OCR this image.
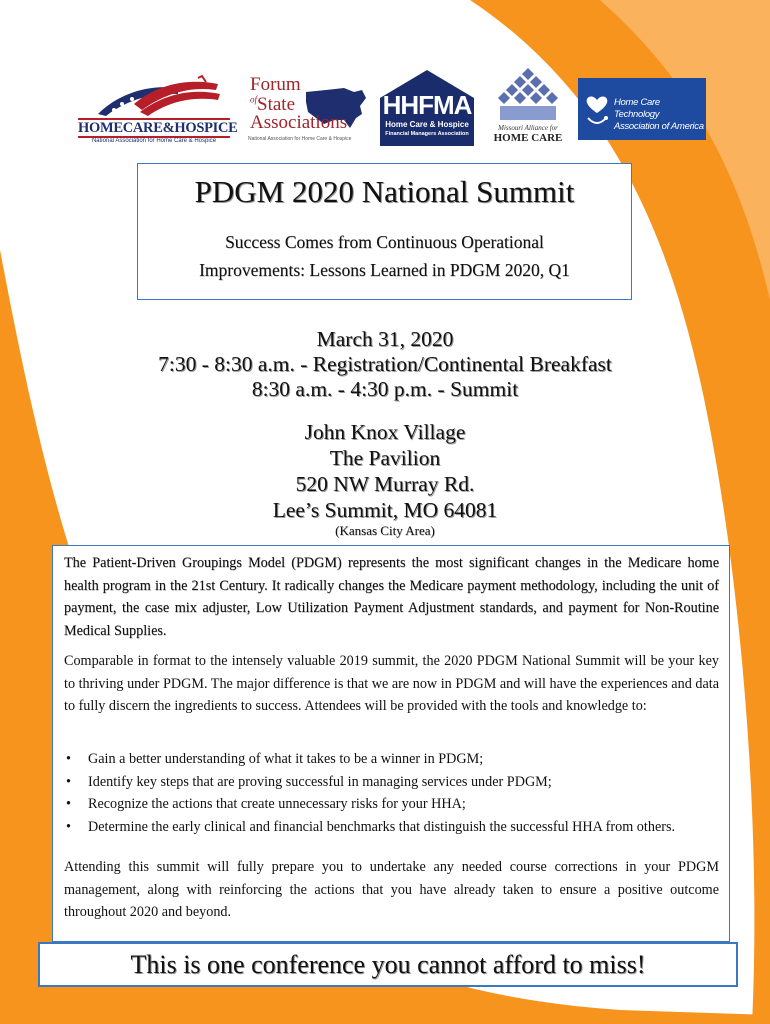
HOMECARE&HOSPICE
National Association for Home Care & Hospice
Forum
$^{of}$State
Associations
National Association for Home Care & Hospice
HHFMA
Home Care & Hospice
Financial Managers Association
Missouri Alliance for
HOME CARE
Home Care Technology
Association of America
PDGM 2020 National Summit
Success Comes from Continuous Operational
Improvements: Lessons Learned in PDGM 2020, Q1
March 31, 2020
7:30 - 8:30 a.m. - Registration/Continental Breakfast
8:30 a.m. - 4:30 p.m. - Summit
John Knox Village
The Pavilion
520 NW Murray Rd.
Lee’s Summit, MO 64081
(Kansas City Area)
The Patient-Driven Groupings Model (PDGM) represents the most significant changes in the Medicare home health program in the 21st Century. It radically changes the Medicare payment methodology, including the unit of payment, the case mix adjuster, Low Utilization Payment Adjustment standards, and payment for Non-Routine Medical Supplies.
Comparable in format to the intensely valuable 2019 summit, the 2020 PDGM National Summit will be your key to thriving under PDGM. The major difference is that we are now in PDGM and will have the experiences and data to fully discern the ingredients to success. Attendees will be provided with the tools and knowledge to:
• Gain a better understanding of what it takes to be a winner in PDGM;
• Identify key steps that are proving successful in managing services under PDGM;
• Recognize the actions that create unnecessary risks for your HHA;
• Determine the early clinical and financial benchmarks that distinguish the successful HHA from others.
Attending this summit will fully prepare you to undertake any needed course corrections in your PDGM management, along with reinforcing the actions that you have already taken to ensure a positive outcome throughout 2020 and beyond.
This is one conference you cannot afford to miss!
